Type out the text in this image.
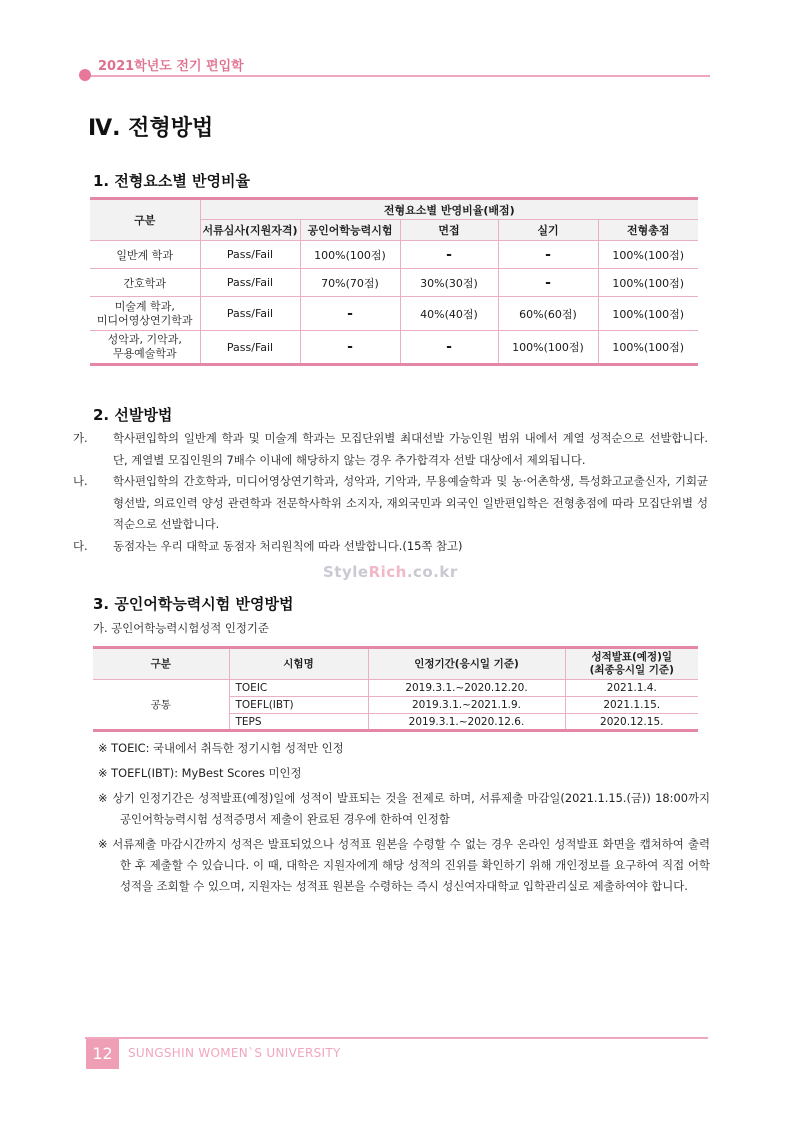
2021학년도 전기 편입학
Ⅳ. 전형방법
1. 전형요소별 반영비율
구분	전형요소별 반영비율(배점)				
	서류심사(지원자격)	공인어학능력시험	면접	실기	전형총점
일반계 학과	Pass/Fail	100%(100점)	-	-	100%(100점)
간호학과	Pass/Fail	70%(70점)	30%(30점)	-	100%(100점)
미술계 학과,
미디어영상연기학과	Pass/Fail	-	40%(40점)	60%(60점)	100%(100점)
성악과, 기악과,
무용예술학과	Pass/Fail	-	-	100%(100점)	100%(100점)
2. 선발방법
가. 학사편입학의 일반계 학과 및 미술계 학과는 모집단위별 최대선발 가능인원 범위 내에서 계열 성적순으로 선발합니다. 단, 계열별 모집인원의 7배수 이내에 해당하지 않는 경우 추가합격자 선발 대상에서 제외됩니다.
나. 학사편입학의 간호학과, 미디어영상연기학과, 성악과, 기악과, 무용예술학과 및 농·어촌학생, 특성화고교출신자, 기회균형선발, 의료인력 양성 관련학과 전문학사학위 소지자, 재외국민과 외국인 일반편입학은 전형총점에 따라 모집단위별 성적순으로 선발합니다.
다. 동점자는 우리 대학교 동점자 처리원칙에 따라 선발합니다.(15쪽 참고)
StyleRich.co.kr
3. 공인어학능력시험 반영방법
가. 공인어학능력시험성적 인정기준
구분	시험명	인정기간(응시일 기준)	성적발표(예정)일
(최종응시일 기준)
공통	TOEIC	2019.3.1.~2020.12.20.	2021.1.4.
	TOEFL(IBT)	2019.3.1.~2021.1.9.	2021.1.15.
	TEPS	2019.3.1.~2020.12.6.	2020.12.15.
※ TOEIC: 국내에서 취득한 정기시험 성적만 인정
※ TOEFL(IBT): MyBest Scores 미인정
※ 상기 인정기간은 성적발표(예정)일에 성적이 발표되는 것을 전제로 하며, 서류제출 마감일(2021.1.15.(금)) 18:00까지 공인어학능력시험 성적증명서 제출이 완료된 경우에 한하여 인정함
※ 서류제출 마감시간까지 성적은 발표되었으나 성적표 원본을 수령할 수 없는 경우 온라인 성적발표 화면을 캡쳐하여 출력한 후 제출할 수 있습니다. 이 때, 대학은 지원자에게 해당 성적의 진위를 확인하기 위해 개인정보를 요구하여 직접 어학성적을 조회할 수 있으며, 지원자는 성적표 원본을 수령하는 즉시 성신여자대학교 입학관리실로 제출하여야 합니다.
12	SUNGSHIN WOMEN`S UNIVERSITY
